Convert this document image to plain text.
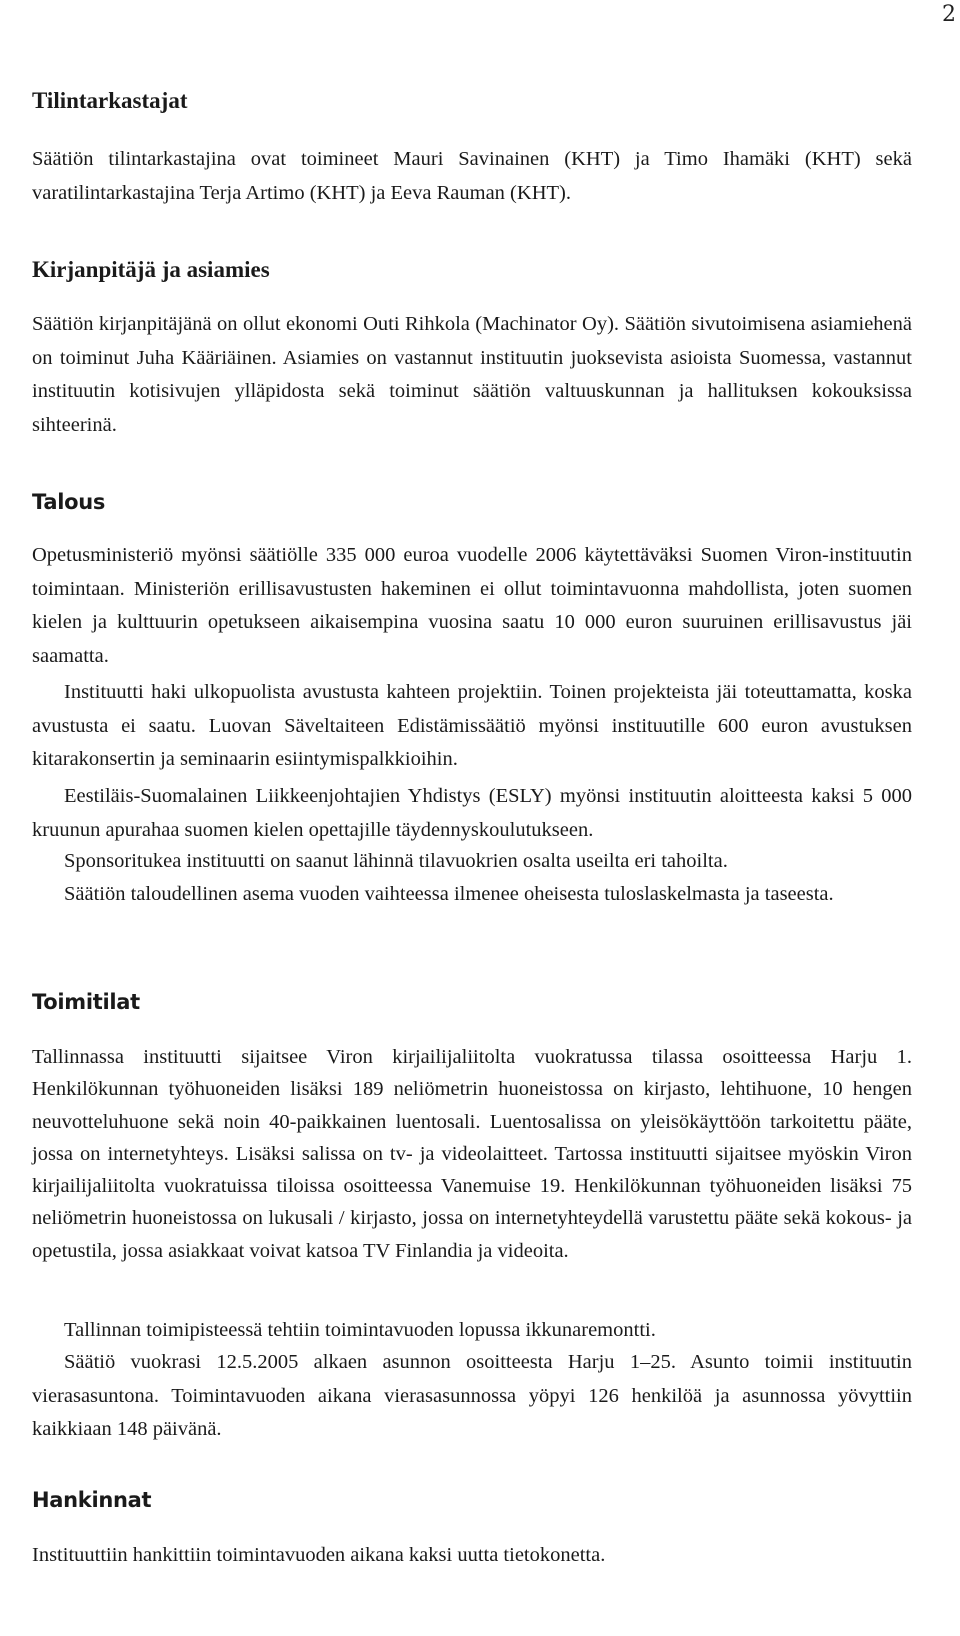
2
Tilintarkastajat

Säätiön tilintarkastajina ovat toimineet Mauri Savinainen (KHT) ja Timo Ihamäki (KHT) sekä varatilintarkastajina Terja Artimo (KHT) ja Eeva Rauman (KHT).

Kirjanpitäjä ja asiamies

Säätiön kirjanpitäjänä on ollut ekonomi Outi Rihkola (Machinator Oy). Säätiön sivutoimisena asiamiehenä on toiminut Juha Kääriäinen. Asiamies on vastannut instituutin juoksevista asioista Suomessa, vastannut instituutin kotisivujen ylläpidosta sekä toiminut säätiön valtuuskunnan ja hallituksen kokouksissa sihteerinä.

Talous

Opetusministeriö myönsi säätiölle 335 000 euroa vuodelle 2006 käytettäväksi Suomen Viron-instituutin toimintaan. Ministeriön erillisavustusten hakeminen ei ollut toimintavuonna mahdollista, joten suomen kielen ja kulttuurin opetukseen aikaisempina vuosina saatu 10 000 euron suuruinen erillisavustus jäi saamatta.

Instituutti haki ulkopuolista avustusta kahteen projektiin. Toinen projekteista jäi toteuttamatta, koska avustusta ei saatu. Luovan Säveltaiteen Edistämissäätiö myönsi instituutille 600 euron avustuksen kitarakonsertin ja seminaarin esiintymispalkkioihin.

Eestiläis-Suomalainen Liikkeenjohtajien Yhdistys (ESLY) myönsi instituutin aloitteesta kaksi 5 000 kruunun apurahaa suomen kielen opettajille täydennyskoulutukseen.

Sponsoritukea instituutti on saanut lähinnä tilavuokrien osalta useilta eri tahoilta.

Säätiön taloudellinen asema vuoden vaihteessa ilmenee oheisesta tuloslaskelmasta ja taseesta.

Toimitilat

Tallinnassa instituutti sijaitsee Viron kirjailijaliitolta vuokratussa tilassa osoitteessa Harju 1. Henkilökunnan työhuoneiden lisäksi 189 neliömetrin huoneistossa on kirjasto, lehtihuone, 10 hengen neuvotteluhuone sekä noin 40-paikkainen luentosali. Luentosalissa on yleisökäyttöön tarkoitettu pääte, jossa on internetyhteys. Lisäksi salissa on tv- ja videolaitteet. Tartossa instituutti sijaitsee myöskin Viron kirjailijaliitolta vuokratuissa tiloissa osoitteessa Vanemuise 19. Henkilökunnan työhuoneiden lisäksi 75 neliömetrin huoneistossa on lukusali / kirjasto, jossa on internetyhteydellä varustettu pääte sekä kokous- ja opetustila, jossa asiakkaat voivat katsoa TV Finlandia ja videoita.

Tallinnan toimipisteessä tehtiin toimintavuoden lopussa ikkunaremontti.

Säätiö vuokrasi 12.5.2005 alkaen asunnon osoitteesta Harju 1–25. Asunto toimii instituutin vierasasuntona. Toimintavuoden aikana vierasasunnossa yöpyi 126 henkilöä ja asunnossa yövyttiin kaikkiaan 148 päivänä.

Hankinnat

Instituuttiin hankittiin toimintavuoden aikana kaksi uutta tietokonetta.
